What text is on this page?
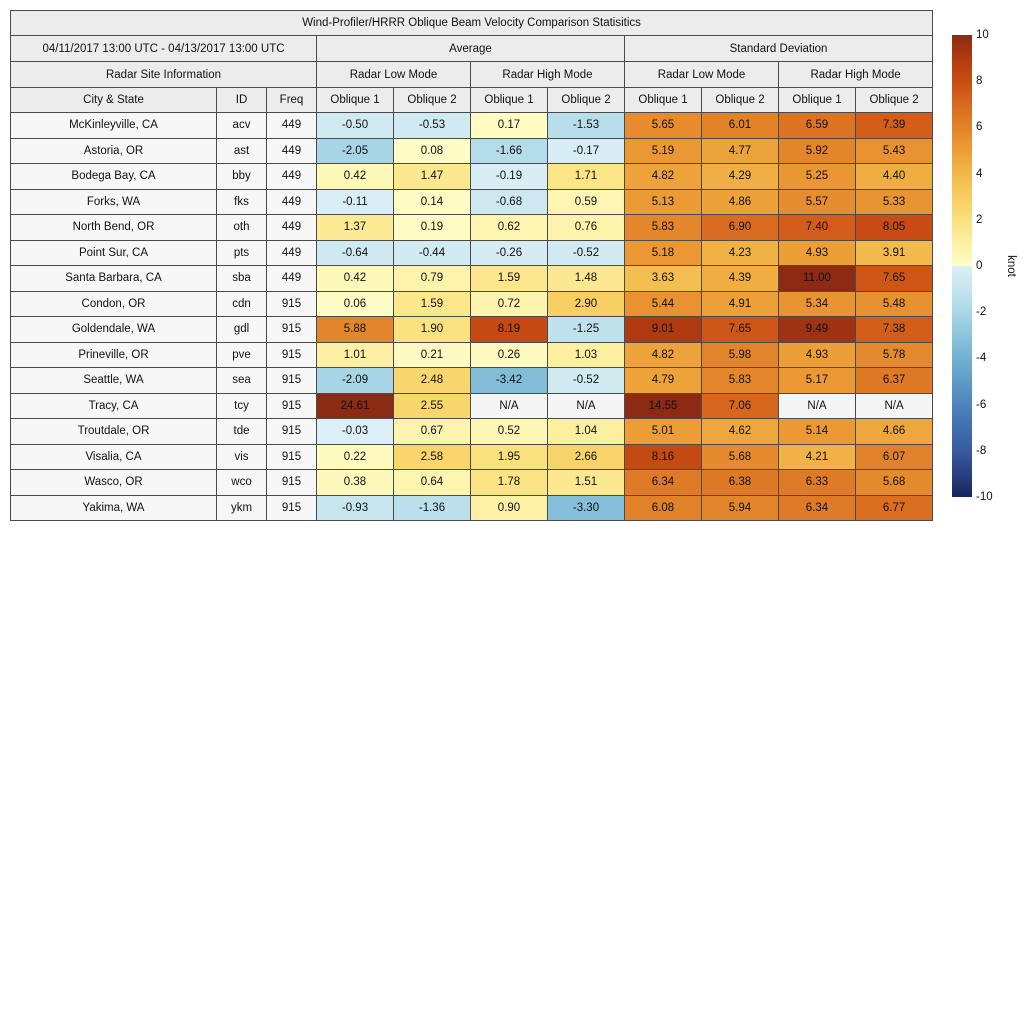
Wind-Profiler/HRRR Oblique Beam Velocity Comparison Statisitics										
04/11/2017 13:00 UTC - 04/13/2017 13:00 UTC			Average				Standard Deviation			
Radar Site Information			Radar Low Mode		Radar High Mode		Radar Low Mode		Radar High Mode	
City & State	ID	Freq	Oblique 1	Oblique 2	Oblique 1	Oblique 2	Oblique 1	Oblique 2	Oblique 1	Oblique 2
McKinleyville, CA	acv	449	-0.50	-0.53	0.17	-1.53	5.65	6.01	6.59	7.39
Astoria, OR	ast	449	-2.05	0.08	-1.66	-0.17	5.19	4.77	5.92	5.43
Bodega Bay, CA	bby	449	0.42	1.47	-0.19	1.71	4.82	4.29	5.25	4.40
Forks, WA	fks	449	-0.11	0.14	-0.68	0.59	5.13	4.86	5.57	5.33
North Bend, OR	oth	449	1.37	0.19	0.62	0.76	5.83	6.90	7.40	8.05
Point Sur, CA	pts	449	-0.64	-0.44	-0.26	-0.52	5.18	4.23	4.93	3.91
Santa Barbara, CA	sba	449	0.42	0.79	1.59	1.48	3.63	4.39	11.00	7.65
Condon, OR	cdn	915	0.06	1.59	0.72	2.90	5.44	4.91	5.34	5.48
Goldendale, WA	gdl	915	5.88	1.90	8.19	-1.25	9.01	7.65	9.49	7.38
Prineville, OR	pve	915	1.01	0.21	0.26	1.03	4.82	5.98	4.93	5.78
Seattle, WA	sea	915	-2.09	2.48	-3.42	-0.52	4.79	5.83	5.17	6.37
Tracy, CA	tcy	915	24.61	2.55	N/A	N/A	14.55	7.06	N/A	N/A
Troutdale, OR	tde	915	-0.03	0.67	0.52	1.04	5.01	4.62	5.14	4.66
Visalia, CA	vis	915	0.22	2.58	1.95	2.66	8.16	5.68	4.21	6.07
Wasco, OR	wco	915	0.38	0.64	1.78	1.51	6.34	6.38	6.33	5.68
Yakima, WA	ykm	915	-0.93	-1.36	0.90	-3.30	6.08	5.94	6.34	6.77
10
8
6
4
2
0
-2
-4
-6
-8
-10
knot
